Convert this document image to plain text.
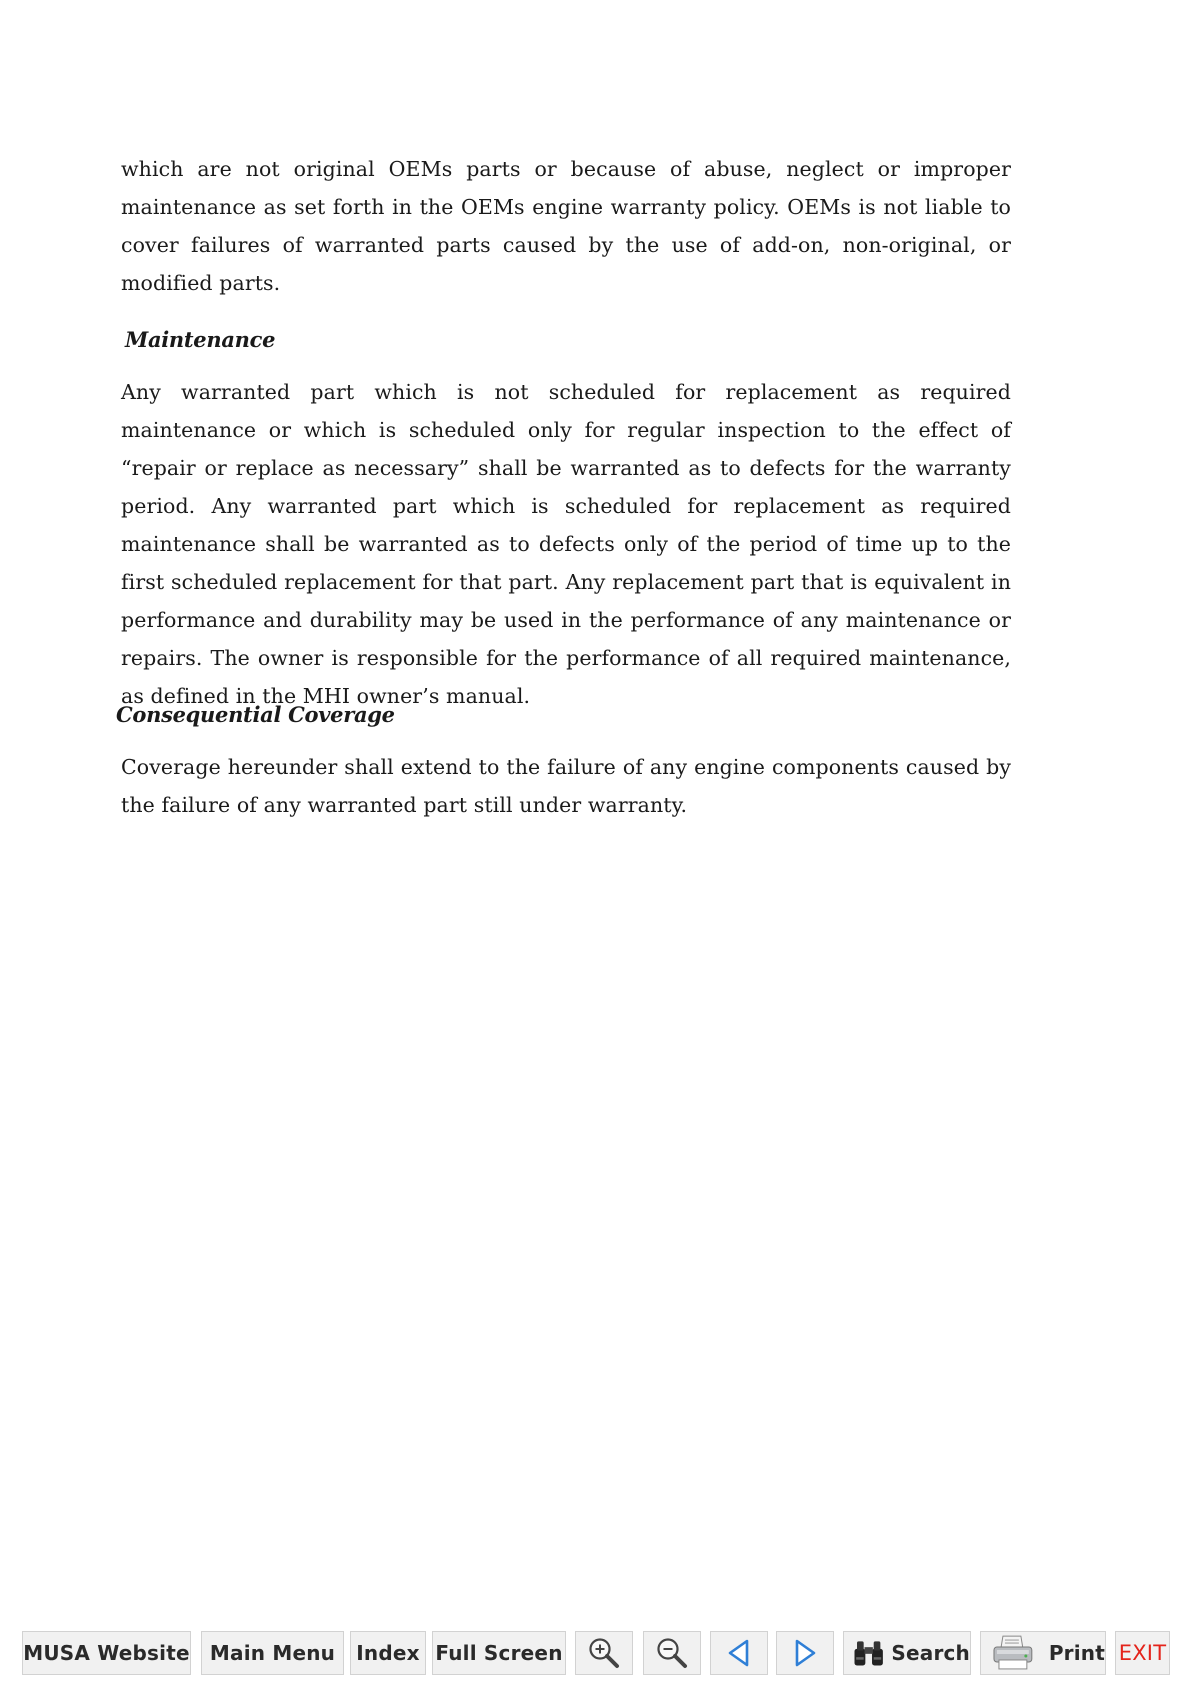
which are not original OEMs parts or because of abuse, neglect or improper maintenance as set forth in the OEMs engine warranty policy. OEMs is not liable to cover failures of warranted parts caused by the use of add-on, non-original, or modified parts.

Maintenance

Any warranted part which is not scheduled for replacement as required maintenance or which is scheduled only for regular inspection to the effect of “repair or replace as necessary” shall be warranted as to defects for the warranty period. Any warranted part which is scheduled for replacement as required maintenance shall be warranted as to defects only of the period of time up to the first scheduled replacement for that part. Any replacement part that is equivalent in performance and durability may be used in the performance of any maintenance or repairs. The owner is responsible for the performance of all required maintenance, as defined in the MHI owner’s manual.

Consequential Coverage

Coverage hereunder shall extend to the failure of any engine components caused by the failure of any warranted part still under warranty.

MUSA Website Main Menu Index Full Screen	Search	Print EXIT
